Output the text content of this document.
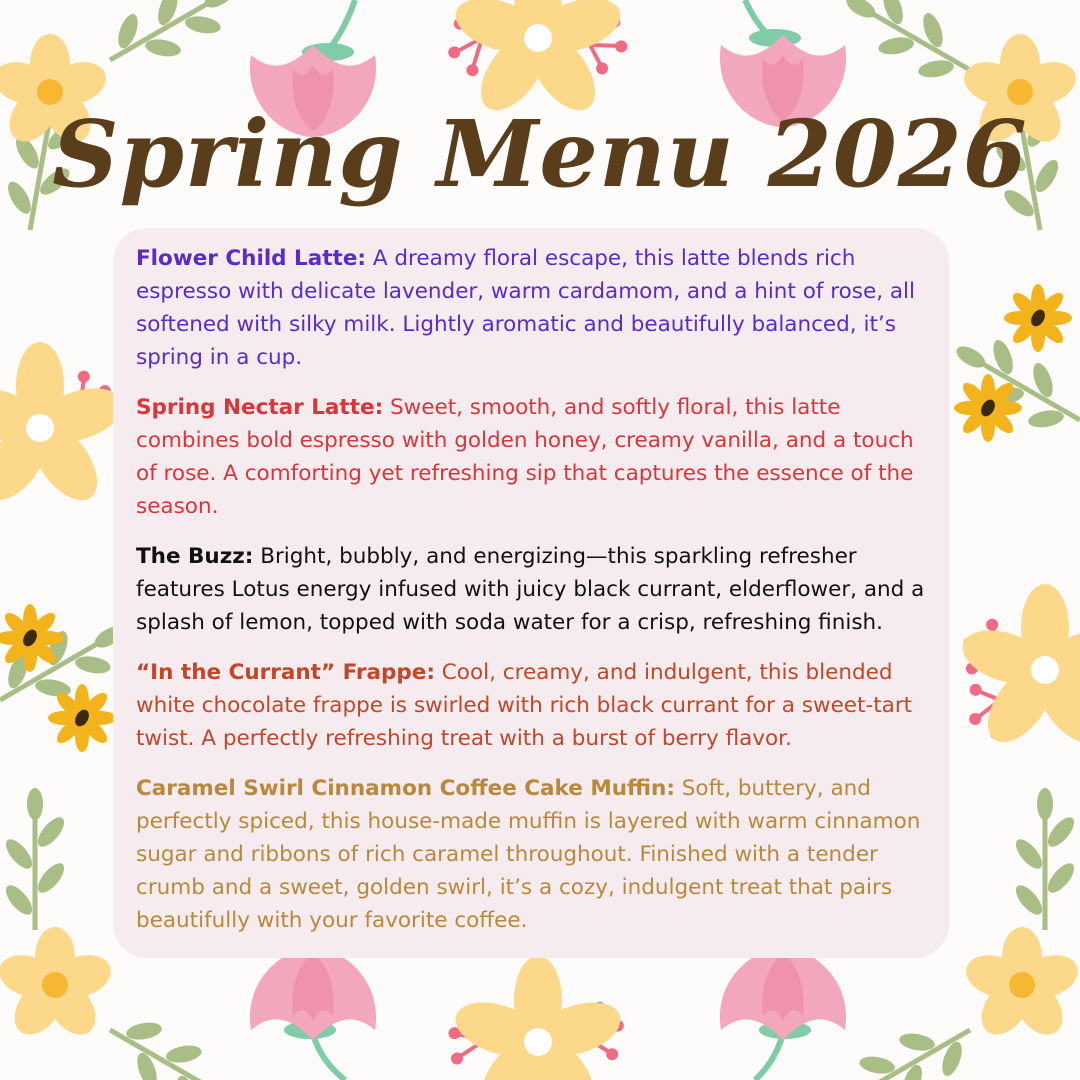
Spring Menu 2026

Flower Child Latte: A dreamy floral escape, this latte blends rich espresso with delicate lavender, warm cardamom, and a hint of rose, all softened with silky milk. Lightly aromatic and beautifully balanced, it’s spring in a cup.

Spring Nectar Latte: Sweet, smooth, and softly floral, this latte combines bold espresso with golden honey, creamy vanilla, and a touch of rose. A comforting yet refreshing sip that captures the essence of the season.

The Buzz: Bright, bubbly, and energizing—this sparkling refresher features Lotus energy infused with juicy black currant, elderflower, and a splash of lemon, topped with soda water for a crisp, refreshing finish.

“In the Currant” Frappe: Cool, creamy, and indulgent, this blended white chocolate frappe is swirled with rich black currant for a sweet-tart twist. A perfectly refreshing treat with a burst of berry flavor.

Caramel Swirl Cinnamon Coffee Cake Muffin: Soft, buttery, and perfectly spiced, this house-made muffin is layered with warm cinnamon sugar and ribbons of rich caramel throughout. Finished with a tender crumb and a sweet, golden swirl, it’s a cozy, indulgent treat that pairs beautifully with your favorite coffee.
